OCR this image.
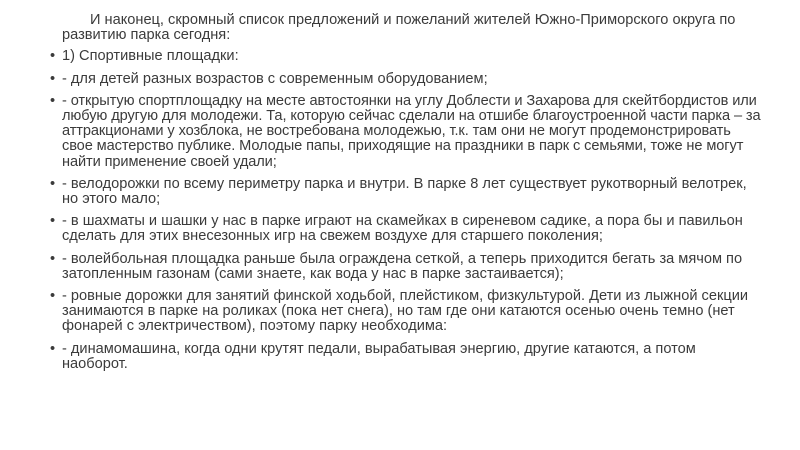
И наконец, скромный список предложений и пожеланий жителей Южно-Приморского округа по развитию парка сегодня:

• 1) Спортивные площадки:
• - для детей разных возрастов с современным оборудованием;
• - открытую спортплощадку на месте автостоянки на углу Доблести и Захарова для скейтбордистов или любую другую для молодежи. Та, которую сейчас сделали на отшибе благоустроенной части парка – за аттракционами у хозблока, не востребована молодежью, т.к. там они не могут продемонстрировать свое мастерство публике. Молодые папы, приходящие на праздники в парк с семьями, тоже не могут найти применение своей удали;
• - велодорожки по всему периметру парка и внутри. В парке 8 лет существует рукотворный велотрек, но этого мало;
• - в шахматы и шашки у нас в парке играют на скамейках в сиреневом садике, а пора бы и павильон сделать для этих внесезонных игр на свежем воздухе для старшего поколения;
• - волейбольная площадка раньше была ограждена сеткой, а теперь приходится бегать за мячом по затопленным газонам (сами знаете, как вода у нас в парке застаивается);
• - ровные дорожки для занятий финской ходьбой, плейстиком, физкультурой. Дети из лыжной секции занимаются в парке на роликах (пока нет снега), но там где они катаются осенью очень темно (нет фонарей с электричеством), поэтому парку необходима:
• - динамомашина, когда одни крутят педали, вырабатывая энергию, другие катаются, а потом наоборот.
